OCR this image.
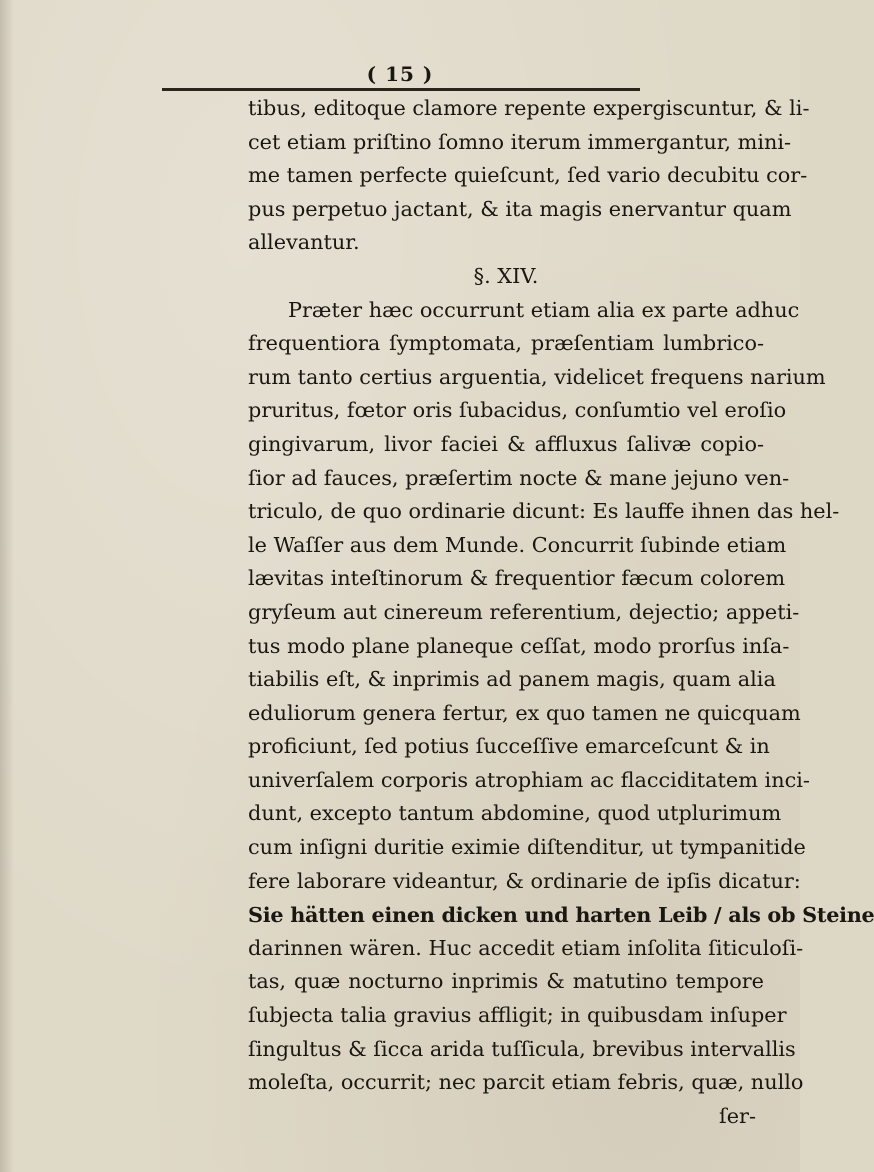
( 15 )
tibus, editoque clamore repente expergiscuntur, & li-
cet etiam priſtino ſomno iterum immergantur, mini-
me tamen perfecte quieſcunt, ſed vario decubitu cor-
pus perpetuo jactant, & ita magis enervantur quam
allevantur.
§. XIV.
Præter hæc occurrunt etiam alia ex parte adhuc
frequentiora ſymptomata, præſentiam lumbrico-
rum tanto certius arguentia, videlicet frequens narium
pruritus, fœtor oris ſubacidus, conſumtio vel eroſio
gingivarum, livor faciei & affluxus ſalivæ copio-
ſior ad fauces, præſertim nocte & mane jejuno ven-
triculo, de quo ordinarie dicunt: Es lauffe ihnen das hel-
le Waſſer aus dem Munde. Concurrit ſubinde etiam
lævitas inteſtinorum & frequentior fæcum colorem
gryſeum aut cinereum referentium, dejectio; appeti-
tus modo plane planeque ceſſat, modo prorſus inſa-
tiabilis eſt, & inprimis ad panem magis, quam alia
eduliorum genera fertur, ex quo tamen ne quicquam
proficiunt, ſed potius ſucceſſive emarceſcunt & in
univerſalem corporis atrophiam ac flacciditatem inci-
dunt, excepto tantum abdomine, quod utplurimum
cum inſigni duritie eximie diſtenditur, ut tympanitide
fere laborare videantur, & ordinarie de ipſis dicatur:
Sie hätten einen dicken und harten Leib / als ob Steine
darinnen wären. Huc accedit etiam inſolita ſiticuloſi-
tas, quæ nocturno inprimis & matutino tempore
ſubjecta talia gravius affligit; in quibusdam inſuper
ſingultus & ſicca arida tuſſicula, brevibus intervallis
moleſta, occurrit; nec parcit etiam febris, quæ, nullo
ſer-
